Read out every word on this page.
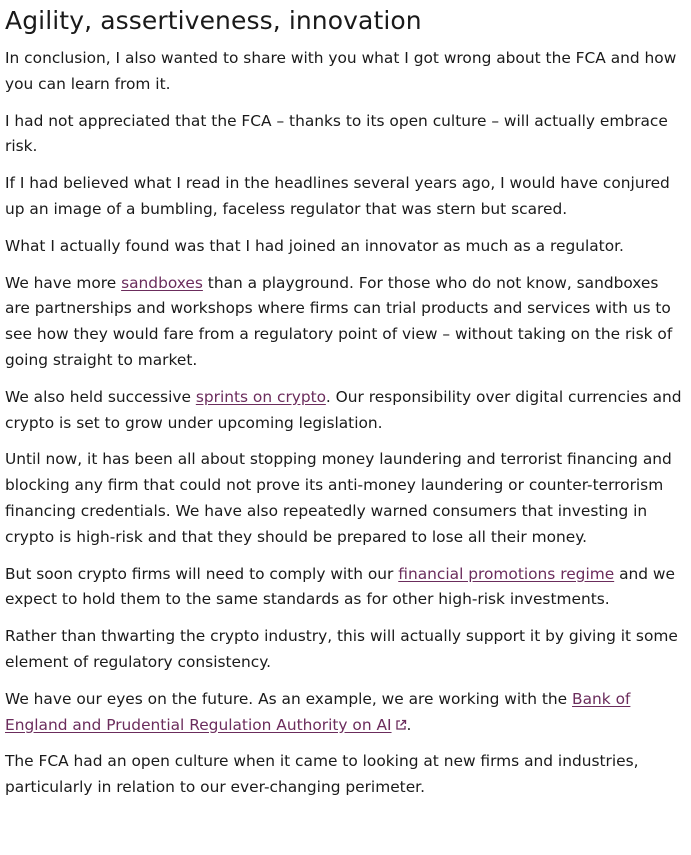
Agility, assertiveness, innovation

In conclusion, I also wanted to share with you what I got wrong about the FCA and how you can learn from it.

I had not appreciated that the FCA – thanks to its open culture – will actually embrace risk.

If I had believed what I read in the headlines several years ago, I would have conjured up an image of a bumbling, faceless regulator that was stern but scared.

What I actually found was that I had joined an innovator as much as a regulator.

We have more sandboxes than a playground. For those who do not know, sandboxes are partnerships and workshops where firms can trial products and services with us to see how they would fare from a regulatory point of view – without taking on the risk of going straight to market.

We also held successive sprints on crypto. Our responsibility over digital currencies and crypto is set to grow under upcoming legislation.

Until now, it has been all about stopping money laundering and terrorist financing and blocking any firm that could not prove its anti-money laundering or counter-terrorism financing credentials. We have also repeatedly warned consumers that investing in crypto is high-risk and that they should be prepared to lose all their money.

But soon crypto firms will need to comply with our financial promotions regime and we expect to hold them to the same standards as for other high-risk investments.

Rather than thwarting the crypto industry, this will actually support it by giving it some element of regulatory consistency.

We have our eyes on the future. As an example, we are working with the Bank of England and Prudential Regulation Authority on AI .

The FCA had an open culture when it came to looking at new firms and industries, particularly in relation to our ever-changing perimeter.
